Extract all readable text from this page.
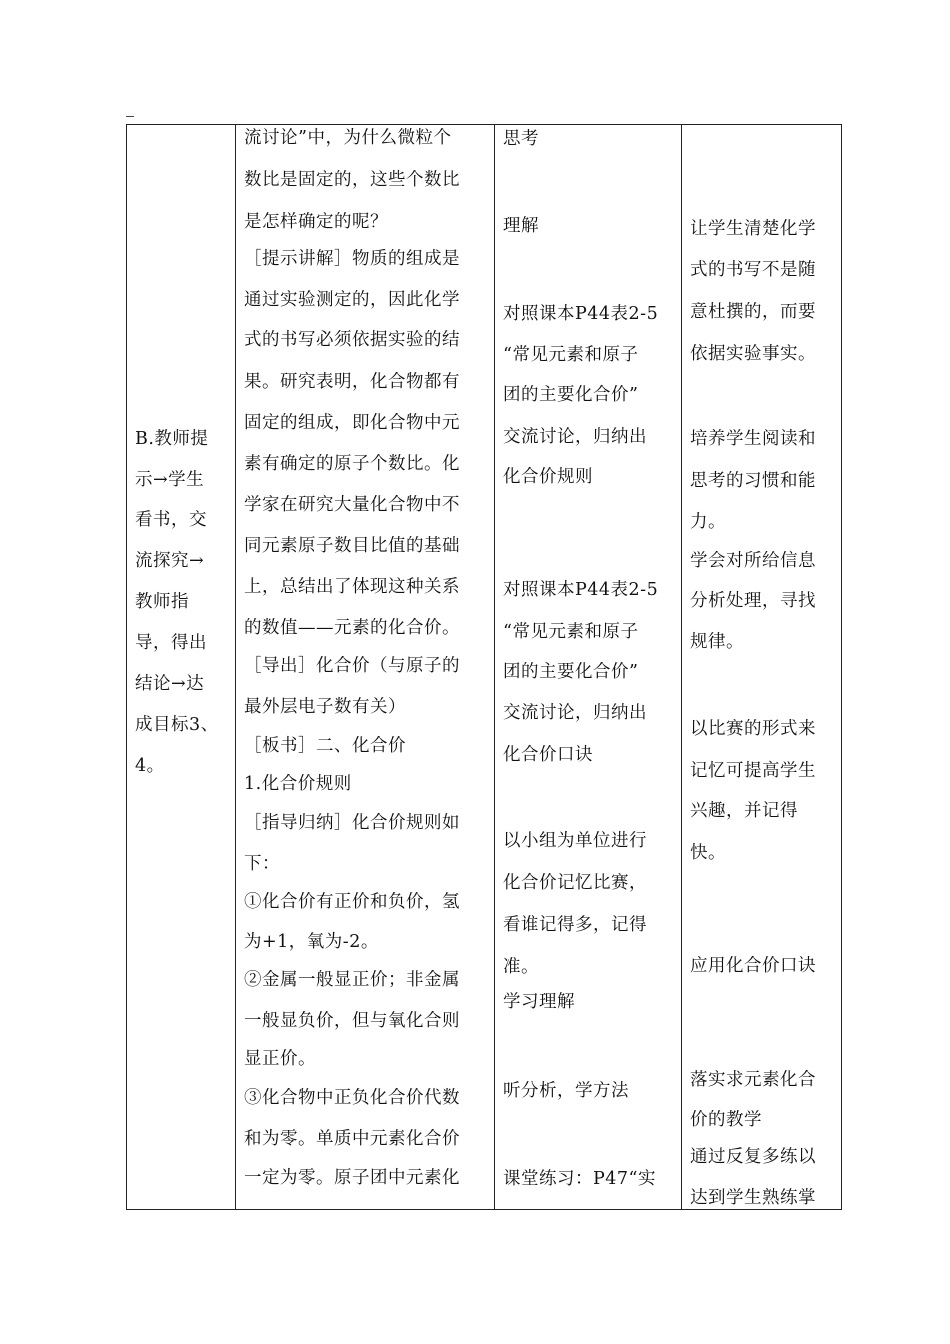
B.教师提
示→学生
看书，交
流探究→
教师指
导，得出
结论→达
成目标3、
4。
流讨论”中，为什么微粒个
数比是固定的，这些个数比
是怎样确定的呢？
［提示讲解］物质的组成是
通过实验测定的，因此化学
式的书写必须依据实验的结
果。研究表明，化合物都有
固定的组成，即化合物中元
素有确定的原子个数比。化
学家在研究大量化合物中不
同元素原子数目比值的基础
上，总结出了体现这种关系
的数值——元素的化合价。
［导出］化合价（与原子的
最外层电子数有关）
［板书］二、化合价
1.化合价规则
［指导归纳］化合价规则如
下：
①化合价有正价和负价，氢
为+1，氧为-2。
②金属一般显正价；非金属
一般显负价，但与氧化合则
显正价。
③化合物中正负化合价代数
和为零。单质中元素化合价
一定为零。原子团中元素化
思考
理解
对照课本P44表2-5
“常见元素和原子
团的主要化合价”
交流讨论，归纳出
化合价规则
对照课本P44表2-5
“常见元素和原子
团的主要化合价”
交流讨论，归纳出
化合价口诀
以小组为单位进行
化合价记忆比赛，
看谁记得多，记得
准。
学习理解
听分析，学方法
课堂练习：P47“实
让学生清楚化学
式的书写不是随
意杜撰的，而要
依据实验事实。
培养学生阅读和
思考的习惯和能
力。
学会对所给信息
分析处理，寻找
规律。
以比赛的形式来
记忆可提高学生
兴趣，并记得
快。
应用化合价口诀
落实求元素化合
价的教学
通过反复多练以
达到学生熟练掌
